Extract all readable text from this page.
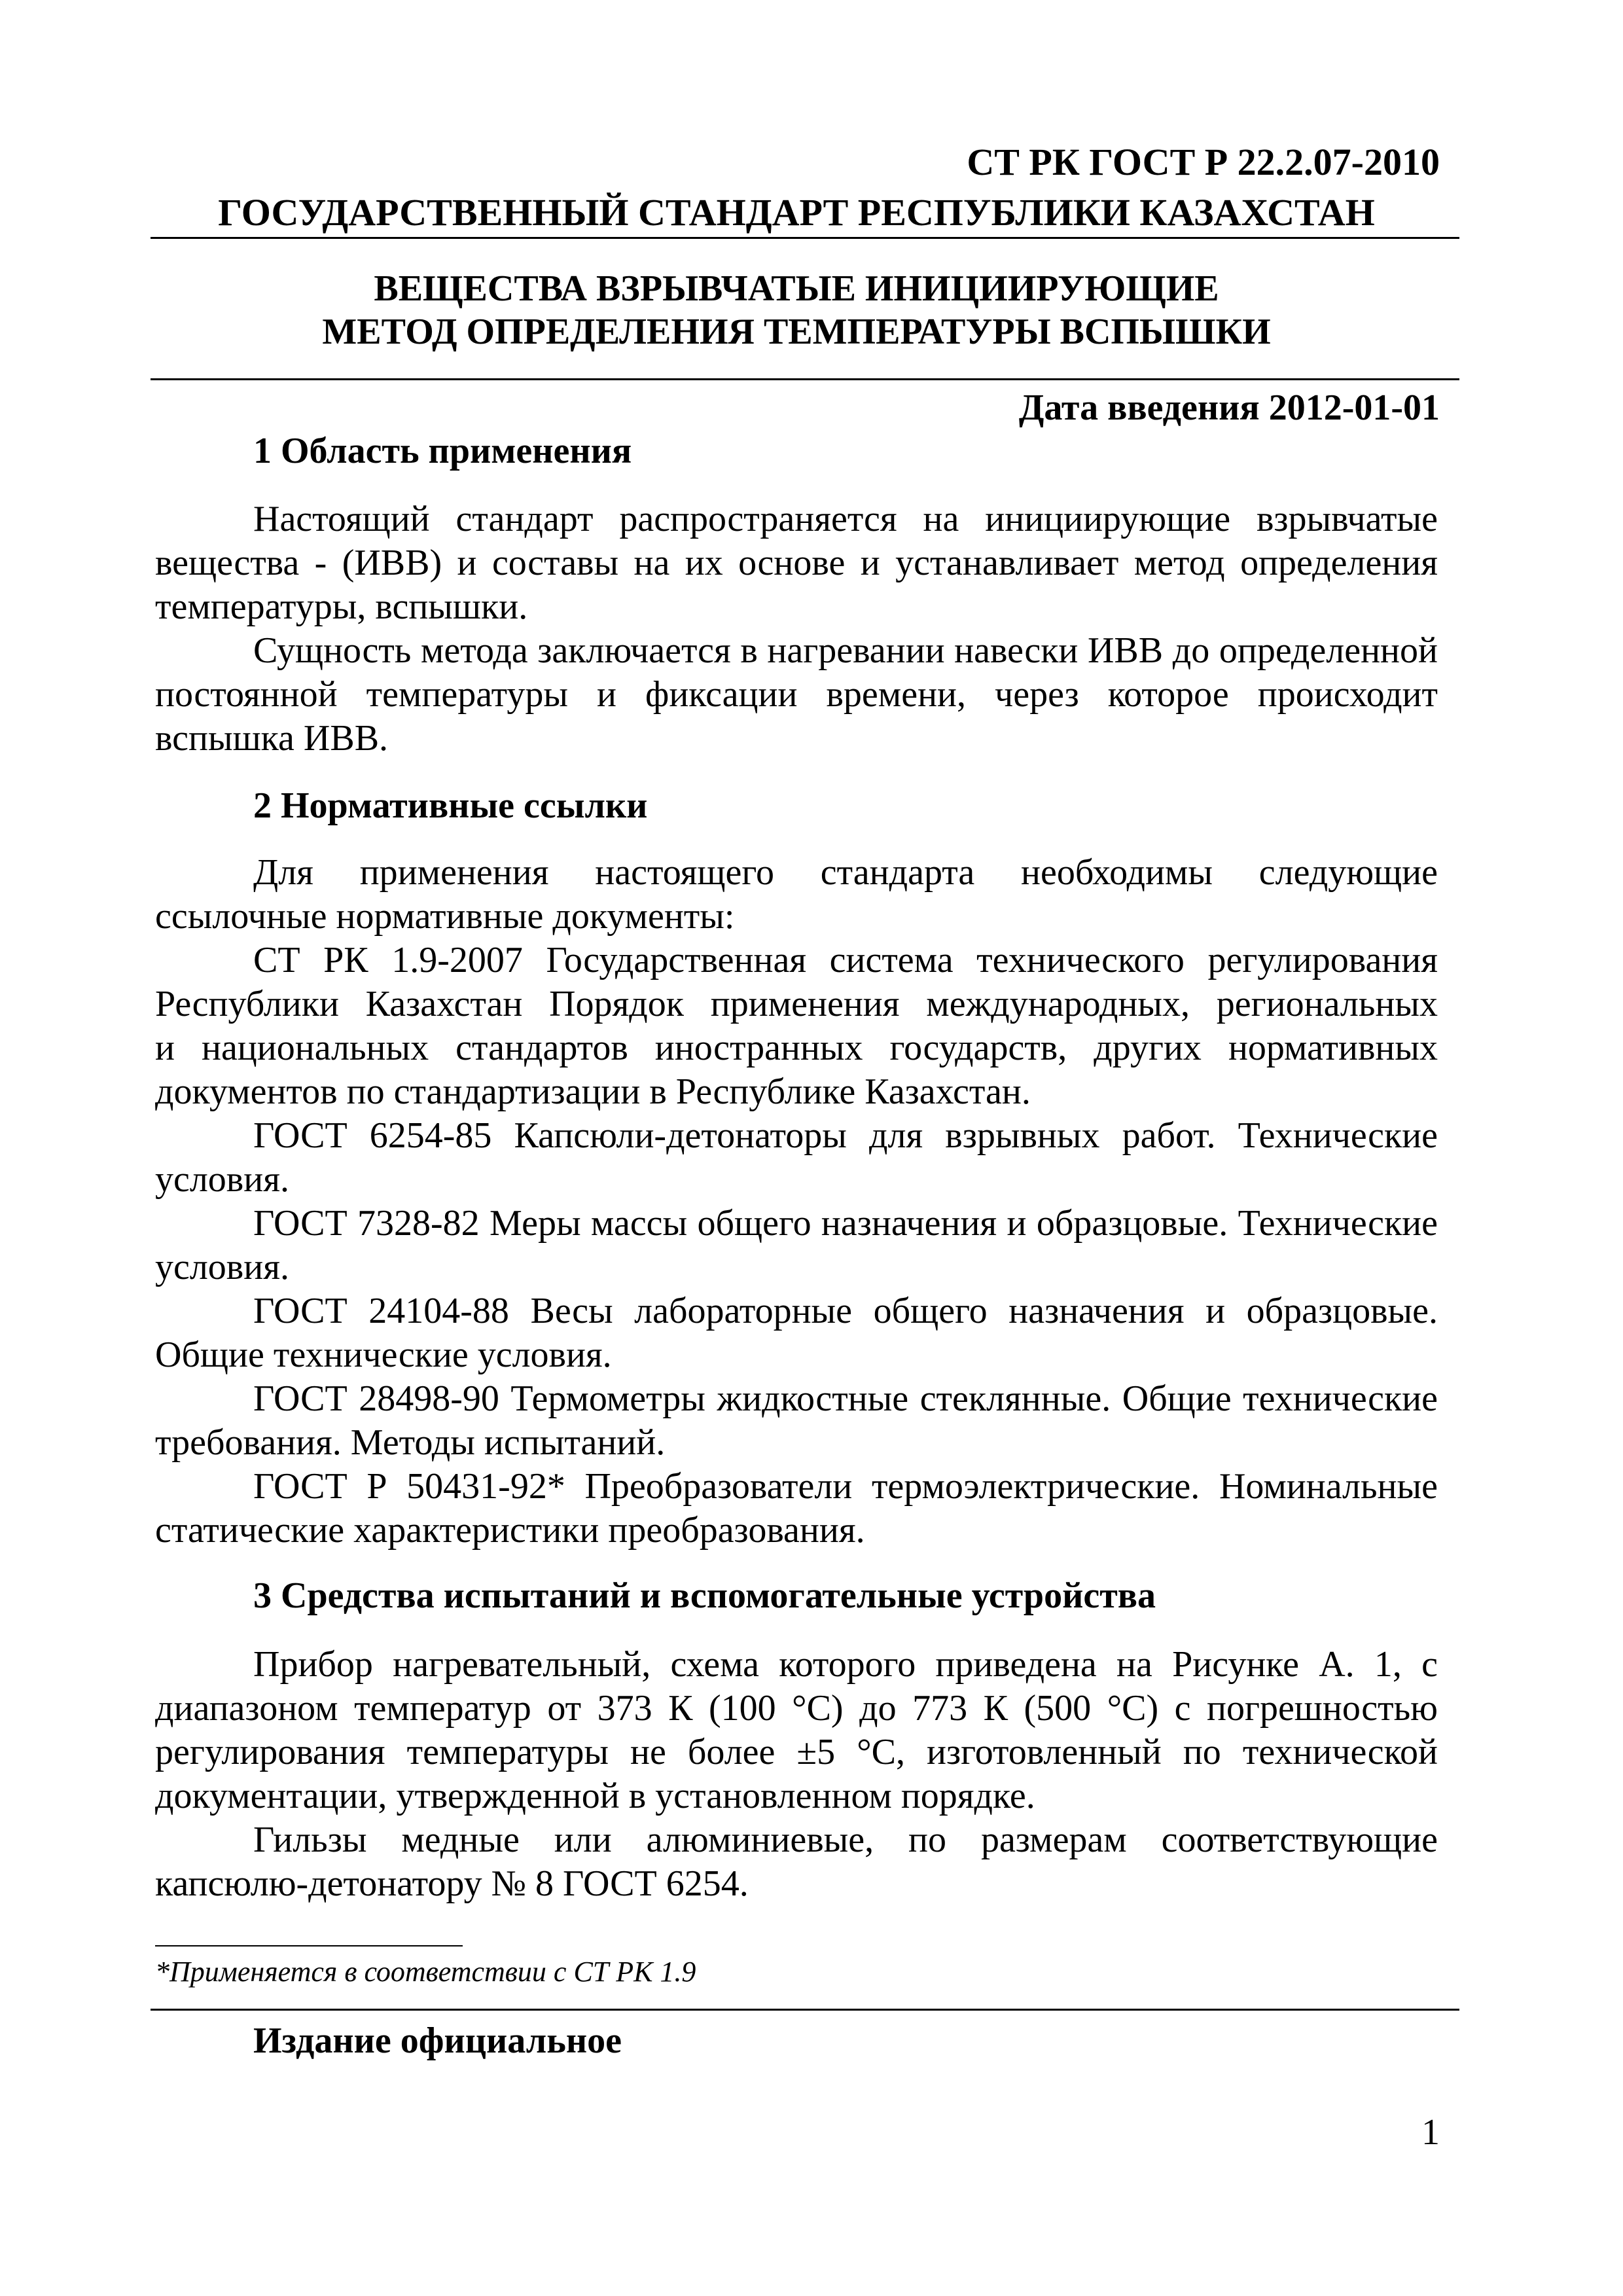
СТ РК ГОСТ Р 22.2.07-2010
ГОСУДАРСТВЕННЫЙ СТАНДАРТ РЕСПУБЛИКИ КАЗАХСТАН
ВЕЩЕСТВА ВЗРЫВЧАТЫЕ ИНИЦИИРУЮЩИЕ
МЕТОД ОПРЕДЕЛЕНИЯ ТЕМПЕРАТУРЫ ВСПЫШКИ
Дата введения 2012-01-01
1 Область применения
Настоящий стандарт распространяется на инициирующие взрывчатые
вещества - (ИВВ) и составы на их основе и устанавливает метод определения
температуры, вспышки.
Сущность метода заключается в нагревании навески ИВВ до определенной
постоянной температуры и фиксации времени, через которое происходит
вспышка ИВВ.
2 Нормативные ссылки
Для применения настоящего стандарта необходимы следующие
ссылочные нормативные документы:
СТ РК 1.9-2007 Государственная система технического регулирования
Республики Казахстан Порядок применения международных, региональных
и национальных стандартов иностранных государств, других нормативных
документов по стандартизации в Республике Казахстан.
ГОСТ 6254-85 Капсюли-детонаторы для взрывных работ. Технические
условия.
ГОСТ 7328-82 Меры массы общего назначения и образцовые. Технические
условия.
ГОСТ 24104-88 Весы лабораторные общего назначения и образцовые.
Общие технические условия.
ГОСТ 28498-90 Термометры жидкостные стеклянные. Общие технические
требования. Методы испытаний.
ГОСТ Р 50431-92* Преобразователи термоэлектрические. Номинальные
статические характеристики преобразования.
3 Средства испытаний и вспомогательные устройства
Прибор нагревательный, схема которого приведена на Рисунке А. 1, с
диапазоном температур от 373 К (100 °С) до 773 К (500 °С) с погрешностью
регулирования температуры не более ±5 °С, изготовленный по технической
документации, утвержденной в установленном порядке.
Гильзы медные или алюминиевые, по размерам соответствующие
капсюлю-детонатору № 8 ГОСТ 6254.
*Применяется в соответствии с СТ РК 1.9
Издание официальное
1
